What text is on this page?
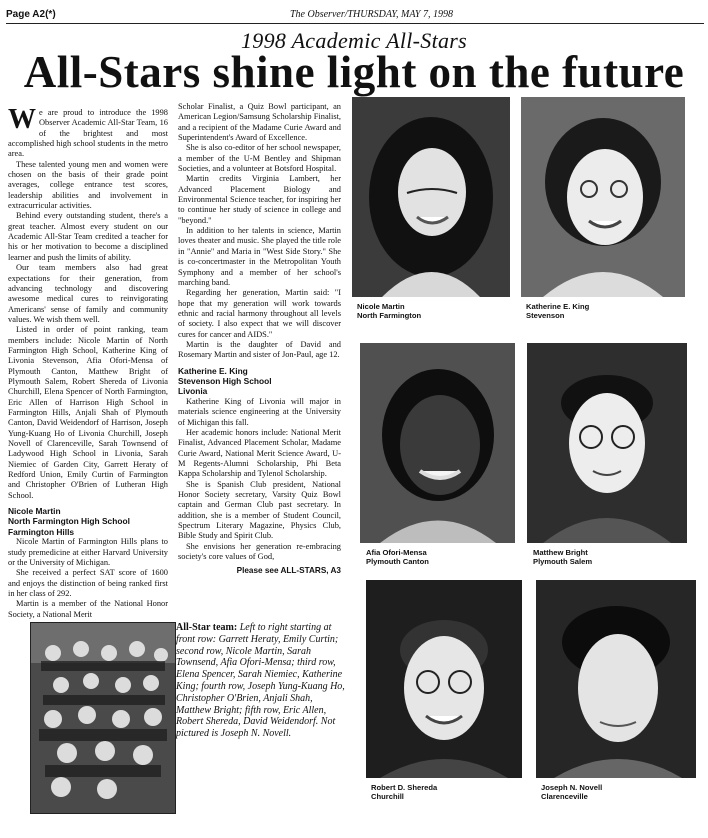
Page A2(*)	The Observer/THURSDAY, MAY 7, 1998
1998 Academic All-Stars
All-Stars shine light on the future

We are proud to introduce the 1998 Observer Academic All-Star Team, 16 of the brightest and most accomplished high school students in the metro area.

These talented young men and women were chosen on the basis of their grade point averages, college entrance test scores, leadership abilities and involvement in extracurricular activities.

Behind every outstanding student, there's a great teacher. Almost every student on our Academic All-Star Team credited a teacher for his or her motivation to become a disciplined learner and push the limits of ability.

Our team members also had great expectations for their generation, from advancing technology and discovering awesome medical cures to reinvigorating Americans' sense of family and community values. We wish them well.

Listed in order of point ranking, team members include: Nicole Martin of North Farmington High School, Katherine King of Livonia Stevenson, Afia Ofori-Mensa of Plymouth Canton, Matthew Bright of Plymouth Salem, Robert Shereda of Livonia Churchill, Elena Spencer of North Farmington, Eric Allen of Harrison High School in Farmington Hills, Anjali Shah of Plymouth Canton, David Weidendorf of Harrison, Joseph Yung-Kuang Ho of Livonia Churchill, Joseph Novell of Clarenceville, Sarah Townsend of Ladywood High School in Livonia, Sarah Niemiec of Garden City, Garrett Heraty of Redford Union, Emily Curtin of Farmington and Christopher O'Brien of Lutheran High School.

Nicole Martin
North Farmington High School
Farmington Hills

Nicole Martin of Farmington Hills plans to study premedicine at either Harvard University or the University of Michigan.

She received a perfect SAT score of 1600 and enjoys the distinction of being ranked first in her class of 292.

Martin is a member of the National Honor Society, a National Merit

Scholar Finalist, a Quiz Bowl participant, an American Legion/Samsung Scholarship Finalist, and a recipient of the Madame Curie Award and Superintendent's Award of Excellence.

She is also co-editor of her school newspaper, a member of the U-M Bentley and Shipman Societies, and a volunteer at Botsford Hospital.

Martin credits Virginia Lambert, her Advanced Placement Biology and Environmental Science teacher, for inspiring her to continue her study of science in college and "beyond."

In addition to her talents in science, Martin loves theater and music. She played the title role in "Annie" and Maria in "West Side Story." She is co-concertmaster in the Metropolitan Youth Symphony and a member of her school's marching band.

Regarding her generation, Martin said: "I hope that my generation will work towards ethnic and racial harmony throughout all levels of society. I also expect that we will discover cures for cancer and AIDS."

Martin is the daughter of David and Rosemary Martin and sister of Jon-Paul, age 12.

Katherine E. King
Stevenson High School
Livonia

Katherine King of Livonia will major in materials science engineering at the University of Michigan this fall.

Her academic honors include: National Merit Finalist, Advanced Placement Scholar, Madame Curie Award, National Merit Science Award, U-M Regents-Alumni Scholarship, Phi Beta Kappa Scholarship and Tylenol Scholarship.

She is Spanish Club president, National Honor Society secretary, Varsity Quiz Bowl captain and German Club past secretary. In addition, she is a member of Student Council, Spectrum Literary Magazine, Physics Club, Bible Study and Spirit Club.

She envisions her generation re-embracing society's core values of God,

Please see ALL-STARS, A3
Nicole Martin
North Farmington
Katherine E. King
Stevenson
Afia Ofori-Mensa
Plymouth Canton
Matthew Bright
Plymouth Salem
Robert D. Shereda
Churchill
Joseph N. Novell
Clarenceville
All-Star team: Left to right starting at front row: Garrett Heraty, Emily Curtin; second row, Nicole Martin, Sarah Townsend, Afia Ofori-Mensa; third row, Elena Spencer, Sarah Niemiec, Katherine King; fourth row, Joseph Yung-Kuang Ho, Christopher O'Brien, Anjali Shah, Matthew Bright; fifth row, Eric Allen, Robert Shereda, David Weidendorf. Not pictured is Joseph N. Novell.
